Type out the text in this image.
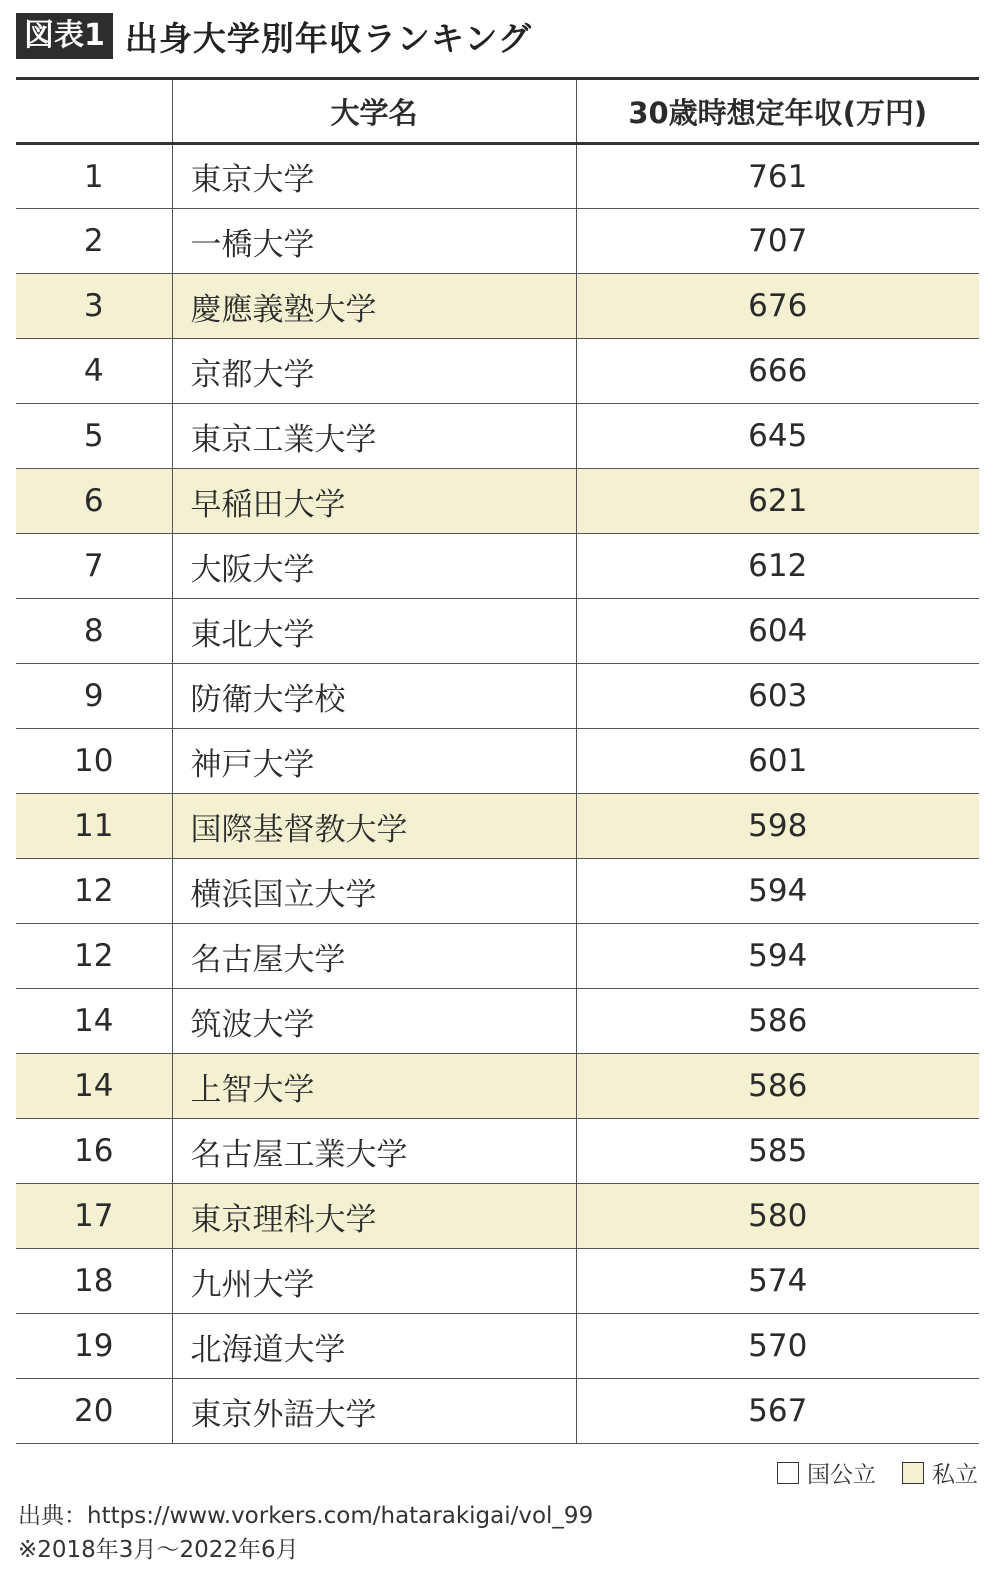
図表1 出身大学別年収ランキング
	大学名	30歳時想定年収(万円)
1	東京大学	761
2	一橋大学	707
3	慶應義塾大学	676
4	京都大学	666
5	東京工業大学	645
6	早稲田大学	621
7	大阪大学	612
8	東北大学	604
9	防衛大学校	603
10	神戸大学	601
11	国際基督教大学	598
12	横浜国立大学	594
12	名古屋大学	594
14	筑波大学	586
14	上智大学	586
16	名古屋工業大学	585
17	東京理科大学	580
18	九州大学	574
19	北海道大学	570
20	東京外語大学	567
国公立 私立
出典：https://www.vorkers.com/hatarakigai/vol_99
※2018年3月～2022年6月
